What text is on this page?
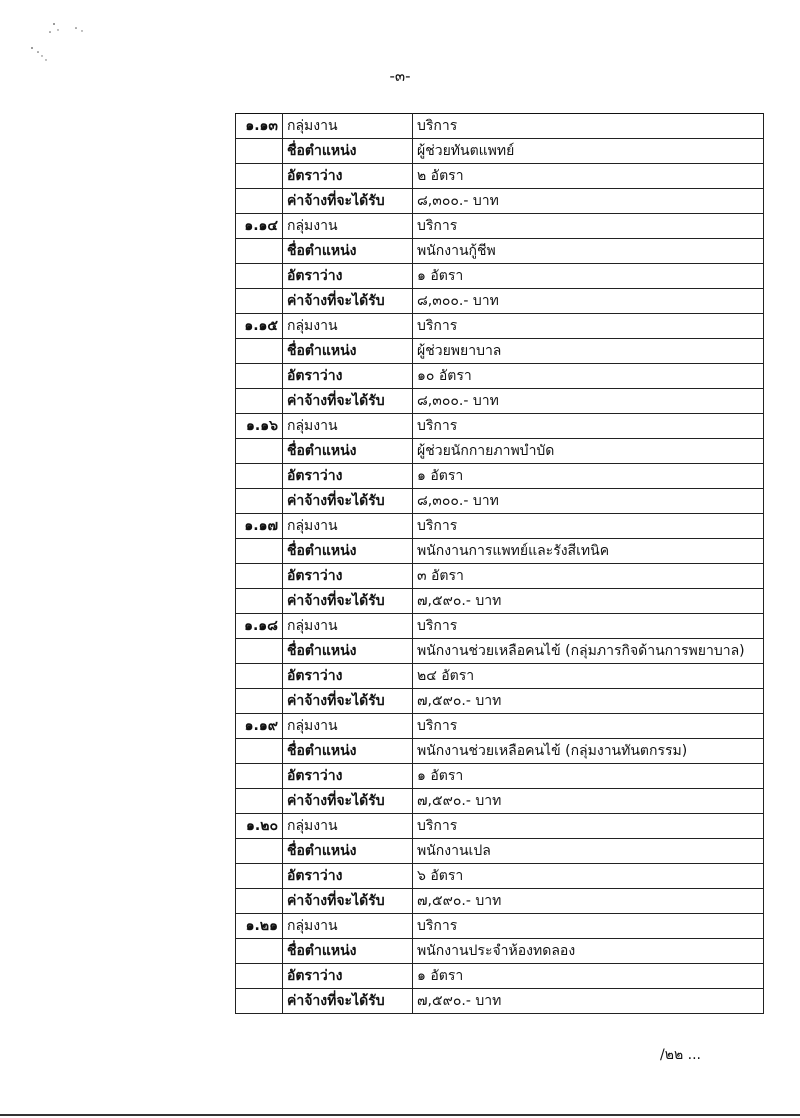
-๓-
๑.๑๓	กลุ่มงาน	บริการ
	ชื่อตำแหน่ง	ผู้ช่วยทันตแพทย์
	อัตราว่าง	๒ อัตรา
	ค่าจ้างที่จะได้รับ	๘,๓๐๐.- บาท
๑.๑๔	กลุ่มงาน	บริการ
	ชื่อตำแหน่ง	พนักงานกู้ชีพ
	อัตราว่าง	๑ อัตรา
	ค่าจ้างที่จะได้รับ	๘,๓๐๐.- บาท
๑.๑๕	กลุ่มงาน	บริการ
	ชื่อตำแหน่ง	ผู้ช่วยพยาบาล
	อัตราว่าง	๑๐ อัตรา
	ค่าจ้างที่จะได้รับ	๘,๓๐๐.- บาท
๑.๑๖	กลุ่มงาน	บริการ
	ชื่อตำแหน่ง	ผู้ช่วยนักกายภาพบำบัด
	อัตราว่าง	๑ อัตรา
	ค่าจ้างที่จะได้รับ	๘,๓๐๐.- บาท
๑.๑๗	กลุ่มงาน	บริการ
	ชื่อตำแหน่ง	พนักงานการแพทย์และรังสีเทนิค
	อัตราว่าง	๓ อัตรา
	ค่าจ้างที่จะได้รับ	๗,๕๙๐.- บาท
๑.๑๘	กลุ่มงาน	บริการ
	ชื่อตำแหน่ง	พนักงานช่วยเหลือคนไข้ (กลุ่มภารกิจด้านการพยาบาล)
	อัตราว่าง	๒๔ อัตรา
	ค่าจ้างที่จะได้รับ	๗,๕๙๐.- บาท
๑.๑๙	กลุ่มงาน	บริการ
	ชื่อตำแหน่ง	พนักงานช่วยเหลือคนไข้ (กลุ่มงานทันตกรรม)
	อัตราว่าง	๑ อัตรา
	ค่าจ้างที่จะได้รับ	๗,๕๙๐.- บาท
๑.๒๐	กลุ่มงาน	บริการ
	ชื่อตำแหน่ง	พนักงานเปล
	อัตราว่าง	๖ อัตรา
	ค่าจ้างที่จะได้รับ	๗,๕๙๐.- บาท
๑.๒๑	กลุ่มงาน	บริการ
	ชื่อตำแหน่ง	พนักงานประจำห้องทดลอง
	อัตราว่าง	๑ อัตรา
	ค่าจ้างที่จะได้รับ	๗,๕๙๐.- บาท
/๒๒ ...
